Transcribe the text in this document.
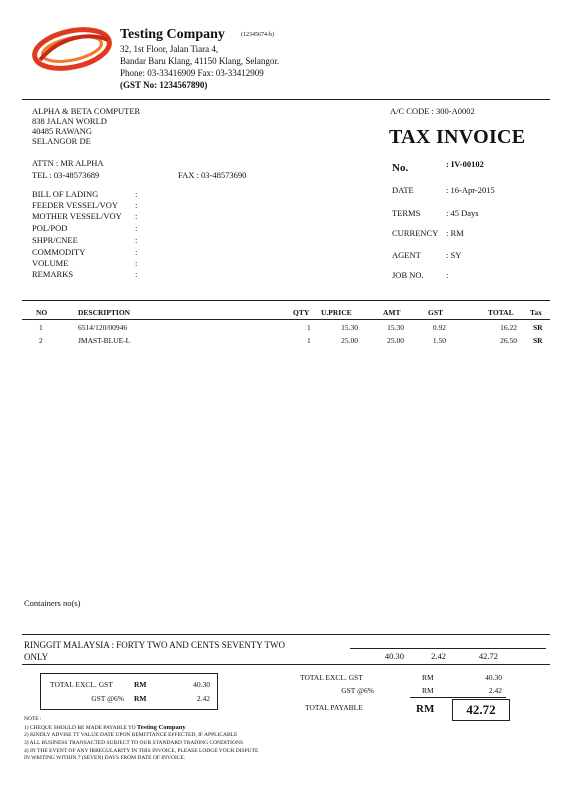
Testing Company	(12345674-b)
32, 1st Floor, Jalan Tiara 4,
Bandar Baru Klang, 41150 Klang, Selangor.
Phone: 03-33416909 Fax: 03-33412909
(GST No: 1234567890)
ALPHA & BETA COMPUTER
838 JALAN WORLD
40485 RAWANG
SELANGOR DE
ATTN : MR ALPHA
TEL : 03-48573689	FAX : 03-48573690
BILL OF LADING	:
FEEDER VESSEL/VOY :
MOTHER VESSEL/VOY :
POL/POD	:
SHPR/CNEE	:
COMMODITY	:
VOLUME	:
REMARKS	:
A/C CODE : 300-A0002
TAX INVOICE
No.	: IV-00102
DATE	: 16-Apr-2015
TERMS	: 45 Days
CURRENCY : RM
AGENT	: SY
JOB NO.	:
NO	DESCRIPTION	QTY U.PRICE	AMT	GST	TOTAL Tax
1	6514/120/00946	1	15.30	15.30	0.92	16.22 SR
2	JMAST-BLUE-L	1	25.00	25.00	1.50	26.50 SR
Containers no(s)
RINGGIT MALAYSIA : FORTY TWO AND CENTS SEVENTY TWO
ONLY	40.30	2.42	42.72
TOTAL EXCL. GST	RM	40.30
GST @6% RM	2.42
TOTAL EXCL. GST	RM	40.30
GST @6%	RM	2.42
TOTAL PAYABLE	RM	42.72
NOTE :
1) CHEQUE SHOULD BE MADE PAYABLE TO Testing Company
2) KINDLY ADVISE TT VALUE DATE UPON REMITTANCE EFFECTED, IF APPLICABLE
3) ALL BUSINESS TRANSACTED SUBJECT TO OUR STANDARD TRADING CONDITIONS
4) IN THE EVENT OF ANY IRREGULARITY IN THIS INVOICE, PLEASE LODGE YOUR DISPUTE
IN WRITING WITHIN 7 (SEVEN) DAYS FROM DATE OF INVOICE.
